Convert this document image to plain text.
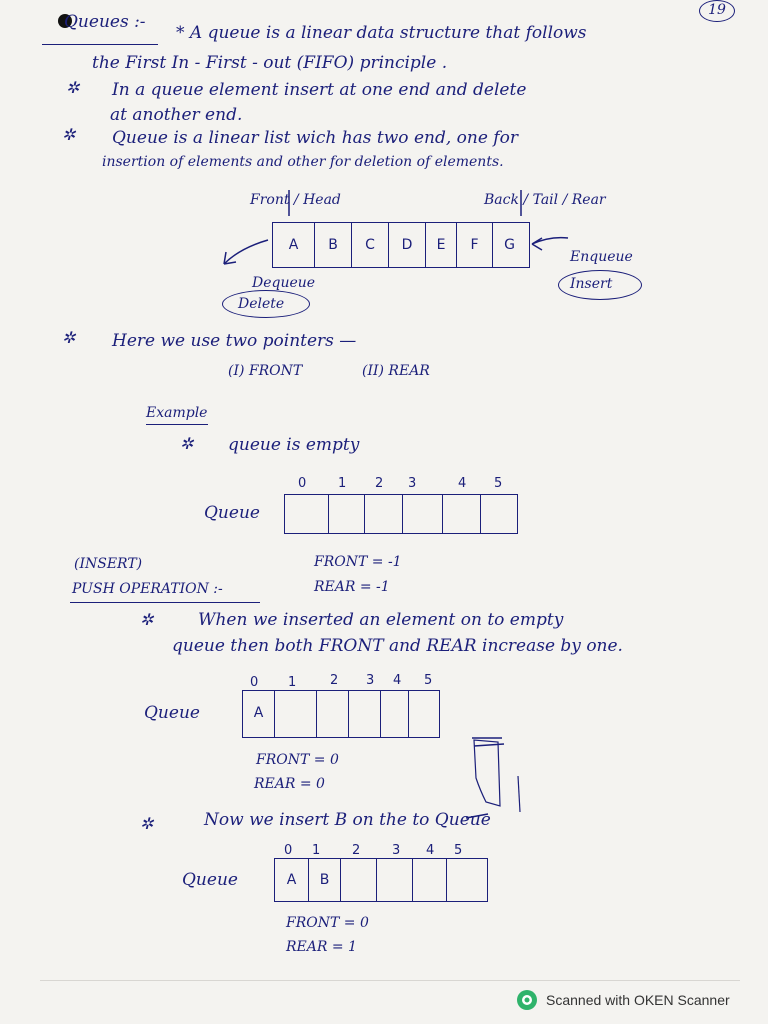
19
Queues :-
* A queue is a linear data structure that follows
the First In - First - out (FIFO) principle .
✲ In a queue element insert at one end and delete
at another end.
✲ Queue is a linear list wich has two end, one for
insertion of elements and other for deletion of elements.
Front / Head	Back / Tail / Rear
A	B	C	D	E	F	G
Dequeue
Delete
Enqueue
Insert
✲ Here we use two pointers —
(I) FRONT	(II) REAR
Example
✲ queue is empty
0 1 2 3	4 5
Queue
(INSERT)
PUSH OPERATION :-
FRONT = -1
REAR = -1
✲	When we inserted an element on to empty
queue then both FRONT and REAR increase by one.
0 1	2 3 4 5
Queue	A
FRONT = 0
REAR = 0
✲	Now we insert B on the to Queue
0 1 2 3 4 5
Queue	A	B
FRONT = 0
REAR = 1
Scanned with OKEN Scanner
